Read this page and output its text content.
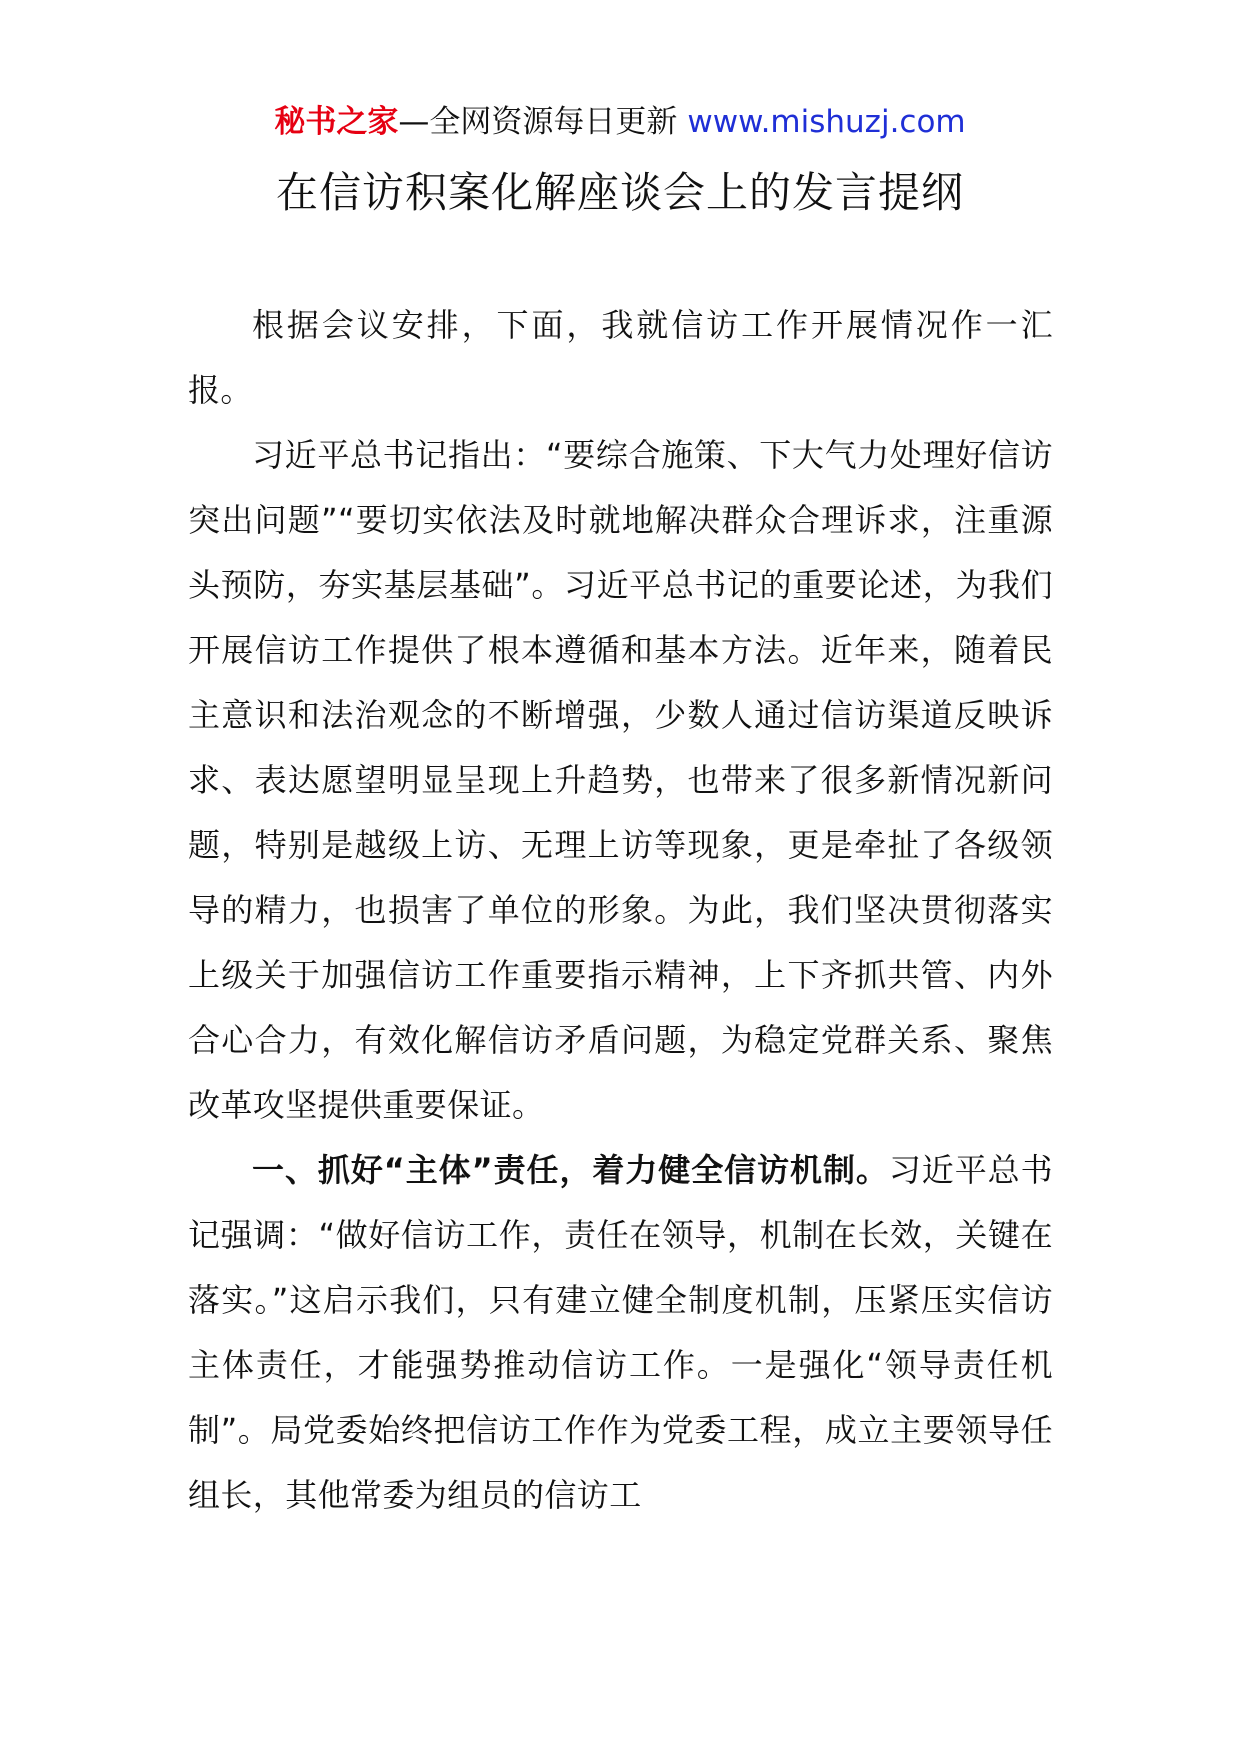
秘书之家—全网资源每日更新 www.mishuzj.com
在信访积案化解座谈会上的发言提纲

根据会议安排，下面，我就信访工作开展情况作一汇报。

习近平总书记指出：“要综合施策、下大气力处理好信访突出问题”“要切实依法及时就地解决群众合理诉求，注重源头预防，夯实基层基础”。习近平总书记的重要论述，为我们开展信访工作提供了根本遵循和基本方法。近年来，随着民主意识和法治观念的不断增强，少数人通过信访渠道反映诉求、表达愿望明显呈现上升趋势，也带来了很多新情况新问题，特别是越级上访、无理上访等现象，更是牵扯了各级领导的精力，也损害了单位的形象。为此，我们坚决贯彻落实上级关于加强信访工作重要指示精神，上下齐抓共管、内外合心合力，有效化解信访矛盾问题，为稳定党群关系、聚焦改革攻坚提供重要保证。

一、抓好“主体”责任，着力健全信访机制。习近平总书记强调：“做好信访工作，责任在领导，机制在长效，关键在落实。”这启示我们，只有建立健全制度机制，压紧压实信访主体责任，才能强势推动信访工作。一是强化“领导责任机制”。局党委始终把信访工作作为党委工程，成立主要领导任组长，其他常委为组员的信访工
